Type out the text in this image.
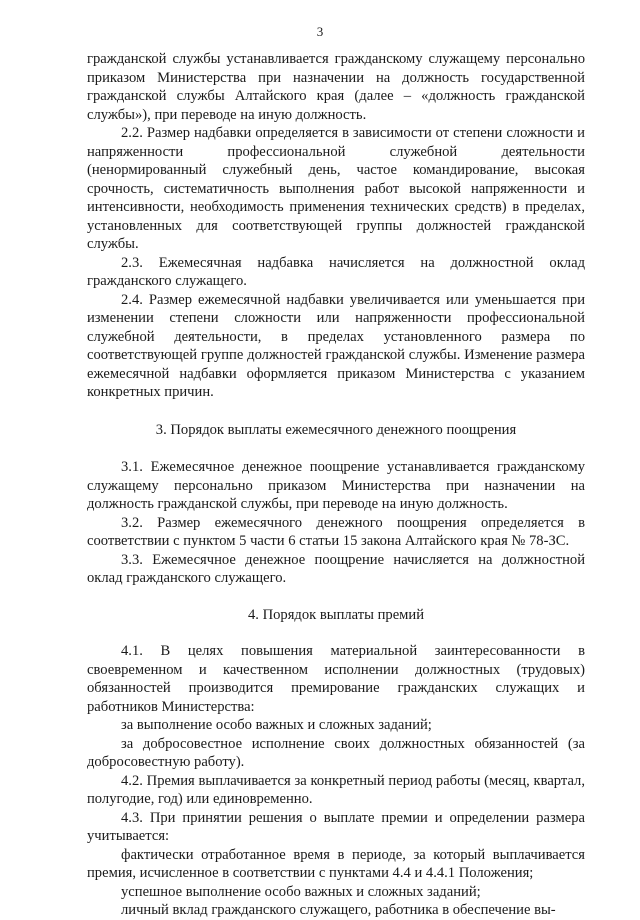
3

гражданской службы устанавливается гражданскому служащему персонально приказом Министерства при назначении на должность государственной гражданской службы Алтайского края (далее – «должность гражданской службы»), при переводе на иную должность.

2.2. Размер надбавки определяется в зависимости от степени сложности и напряженности профессиональной служебной деятельности (ненормированный служебный день, частое командирование, высокая срочность, систематичность выполнения работ высокой напряженности и интенсивности, необходимость применения технических средств) в пределах, установленных для соответствующей группы должностей гражданской службы.

2.3. Ежемесячная надбавка начисляется на должностной оклад гражданского служащего.

2.4. Размер ежемесячной надбавки увеличивается или уменьшается при изменении степени сложности или напряженности профессиональной служебной деятельности, в пределах установленного размера по соответствующей группе должностей гражданской службы. Изменение размера ежемесячной надбавки оформляется приказом Министерства с указанием конкретных причин.

3. Порядок выплаты ежемесячного денежного поощрения

3.1. Ежемесячное денежное поощрение устанавливается гражданскому служащему персонально приказом Министерства при назначении на должность гражданской службы, при переводе на иную должность.

3.2. Размер ежемесячного денежного поощрения определяется в соответствии с пунктом 5 части 6 статьи 15 закона Алтайского края № 78-ЗС.

3.3. Ежемесячное денежное поощрение начисляется на должностной оклад гражданского служащего.

4. Порядок выплаты премий

4.1. В целях повышения материальной заинтересованности в своевременном и качественном исполнении должностных (трудовых) обязанностей производится премирование гражданских служащих и работников Министерства:

за выполнение особо важных и сложных заданий;

за добросовестное исполнение своих должностных обязанностей (за добросовестную работу).

4.2. Премия выплачивается за конкретный период работы (месяц, квартал, полугодие, год) или единовременно.

4.3. При принятии решения о выплате премии и определении размера учитывается:

фактически отработанное время в периоде, за который выплачивается премия, исчисленное в соответствии с пунктами 4.4 и 4.4.1 Положения;

успешное выполнение особо важных и сложных заданий;

личный вклад гражданского служащего, работника в обеспечение вы-
